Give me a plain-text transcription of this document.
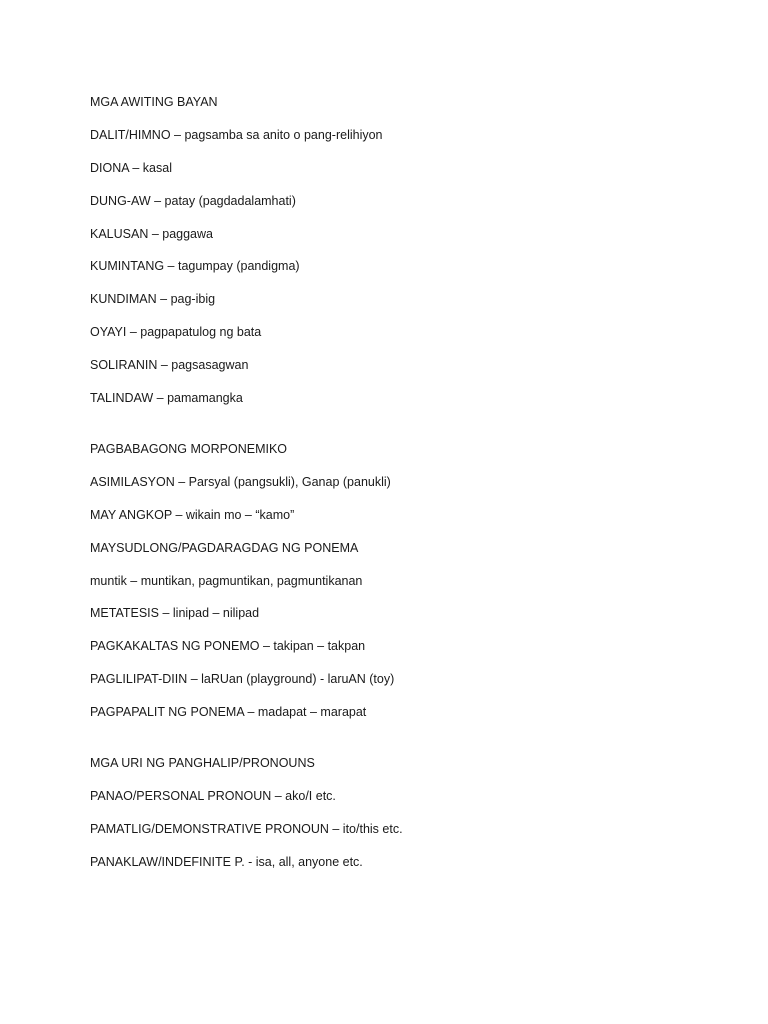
MGA AWITING BAYAN
DALIT/HIMNO – pagsamba sa anito o pang-relihiyon
DIONA – kasal
DUNG-AW – patay (pagdadalamhati)
KALUSAN – paggawa
KUMINTANG – tagumpay (pandigma)
KUNDIMAN – pag-ibig
OYAYI – pagpapatulog ng bata
SOLIRANIN – pagsasagwan
TALINDAW – pamamangka
PAGBABAGONG MORPONEMIKO
ASIMILASYON – Parsyal (pangsukli), Ganap (panukli)
MAY ANGKOP – wikain mo – “kamo”
MAYSUDLONG/PAGDARAGDAG NG PONEMA
muntik – muntikan, pagmuntikan, pagmuntikanan
METATESIS – linipad – nilipad
PAGKAKALTAS NG PONEMO – takipan – takpan
PAGLILIPAT-DIIN – laRUan (playground) - laruAN (toy)
PAGPAPALIT NG PONEMA – madapat – marapat
MGA URI NG PANGHALIP/PRONOUNS
PANAO/PERSONAL PRONOUN – ako/I etc.
PAMATLIG/DEMONSTRATIVE PRONOUN – ito/this etc.
PANAKLAW/INDEFINITE P. - isa, all, anyone etc.
